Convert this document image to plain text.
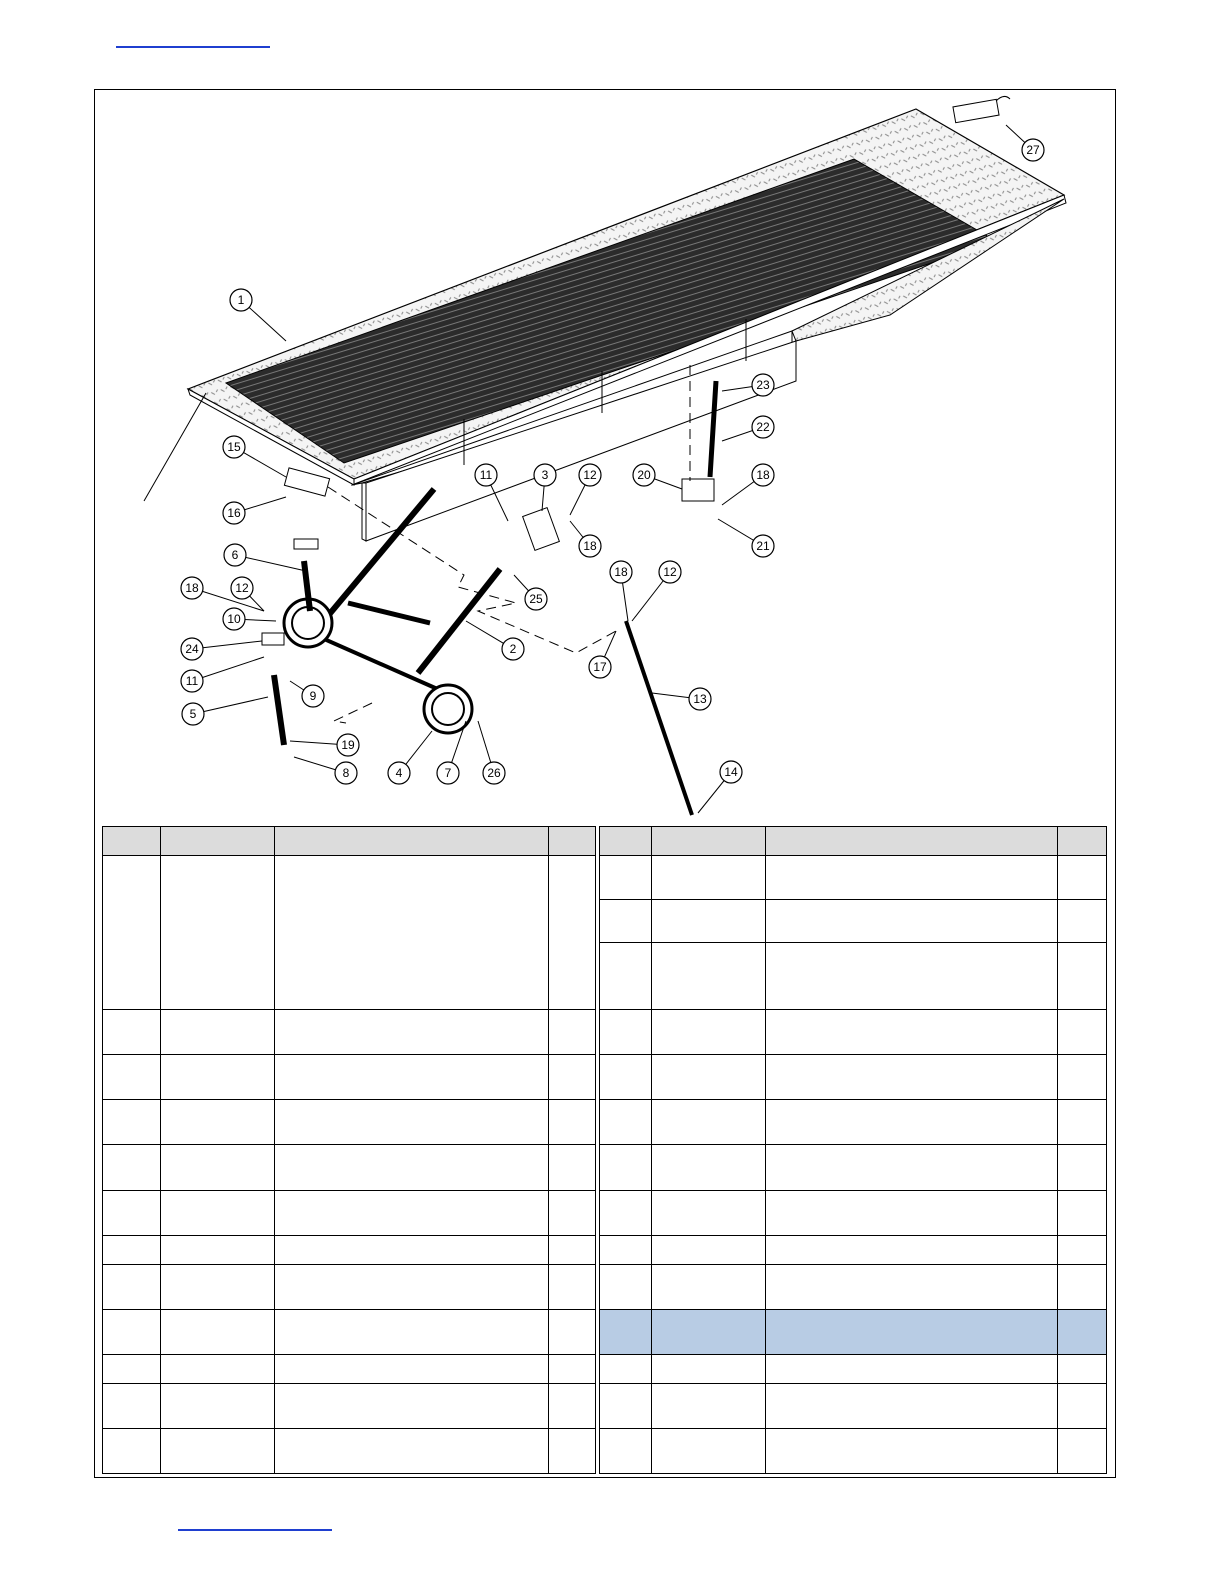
1
2
3
4
5
6
7
8
9
10
11
12
13
14
15
16
17
18
19
20
21
22
23
24
25
26
27
11	12
18
18
18	12
